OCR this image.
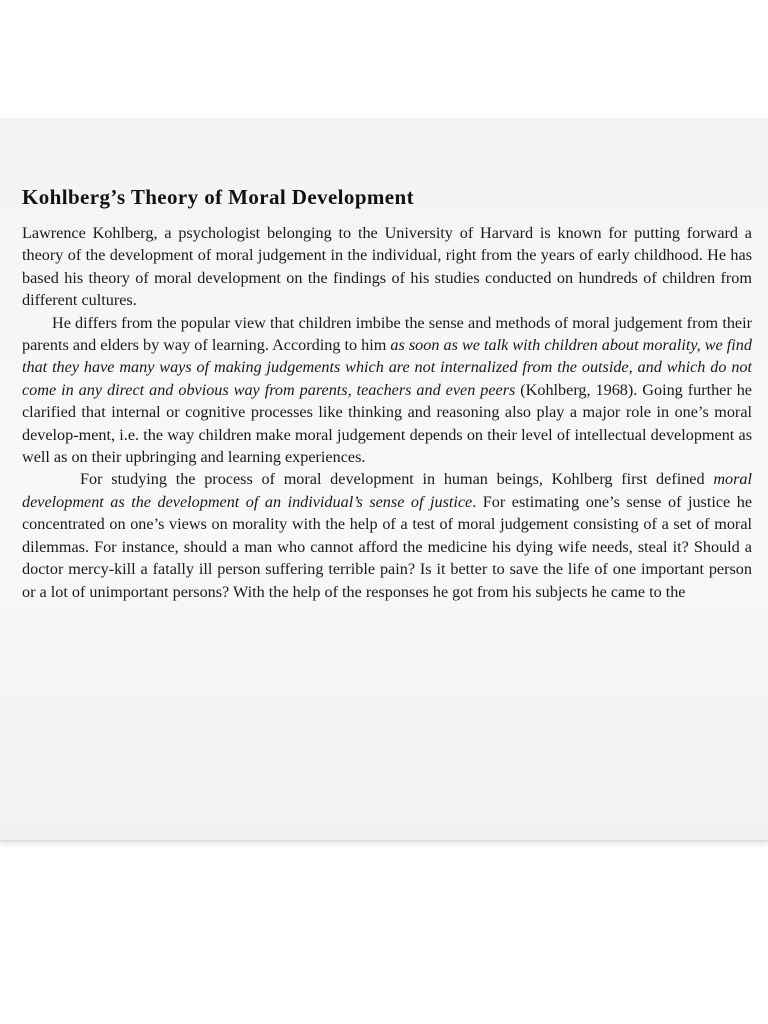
Kohlberg’s Theory of Moral Development

Lawrence Kohlberg, a psychologist belonging to the University of Harvard is known for putting forward a theory of the development of moral judgement in the individual, right from the years of early childhood. He has based his theory of moral development on the findings of his studies conducted on hundreds of children from different cultures.

He differs from the popular view that children imbibe the sense and methods of moral judgement from their parents and elders by way of learning. According to him as soon as we talk with children about morality, we find that they have many ways of making judgements which are not internalized from the outside, and which do not come in any direct and obvious way from parents, teachers and even peers (Kohlberg, 1968). Going further he clarified that internal or cognitive processes like thinking and reasoning also play a major role in one’s moral develop-ment, i.e. the way children make moral judgement depends on their level of intellectual development as well as on their upbringing and learning experiences.

For studying the process of moral development in human beings, Kohlberg first defined moral development as the development of an individual’s sense of justice. For estimating one’s sense of justice he concentrated on one’s views on morality with the help of a test of moral judgement consisting of a set of moral dilemmas. For instance, should a man who cannot afford the medicine his dying wife needs, steal it? Should a doctor mercy-kill a fatally ill person suffering terrible pain? Is it better to save the life of one important person or a lot of unimportant persons? With the help of the responses he got from his subjects he came to the
